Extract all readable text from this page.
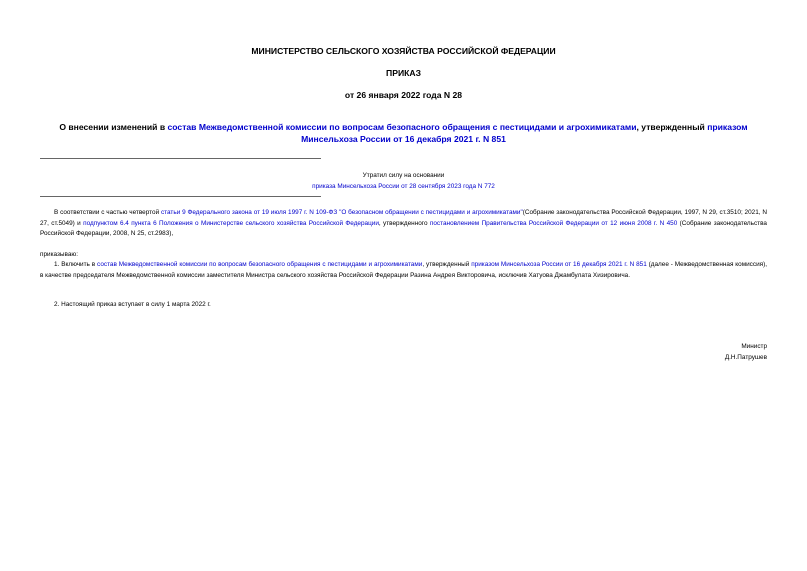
МИНИСТЕРСТВО СЕЛЬСКОГО ХОЗЯЙСТВА РОССИЙСКОЙ ФЕДЕРАЦИИ
ПРИКАЗ
от 26 января 2022 года N 28
О внесении изменений в состав Межведомственной комиссии по вопросам безопасного обращения с пестицидами и агрохимикатами, утвержденный приказом
Минсельхоза России от 16 декабря 2021 г. N 851
Утратил силу на основании
приказа Минсельхоза России от 28 сентября 2023 года N 772
В соответствии с частью четвертой статьи 9 Федерального закона от 19 июля 1997 г. N 109-ФЗ "О безопасном обращении с пестицидами и агрохимикатами"(Собрание законодательства Российской Федерации, 1997, N 29, ст.3510; 2021, N 27, ст.5049) и подпунктом 6.4 пункта 6 Положения о Министерстве сельского хозяйства Российской Федерации, утвержденного постановлением Правительства Российской Федерации от 12 июня 2008 г. N 450 (Собрание законодательства Российской Федерации, 2008, N 25, ст.2983),
приказываю:
1. Включить в состав Межведомственной комиссии по вопросам безопасного обращения с пестицидами и агрохимикатами, утвержденный приказом Минсельхоза России от 16 декабря 2021 г. N 851 (далее - Межведомственная комиссия), в качестве председателя Межведомственной комиссии заместителя Министра сельского хозяйства Российской Федерации Разина Андрея Викторовича, исключив Хатуова Джамбулата Хизировича.
2. Настоящий приказ вступает в силу 1 марта 2022 г.
Министр
Д.Н.Патрушев
